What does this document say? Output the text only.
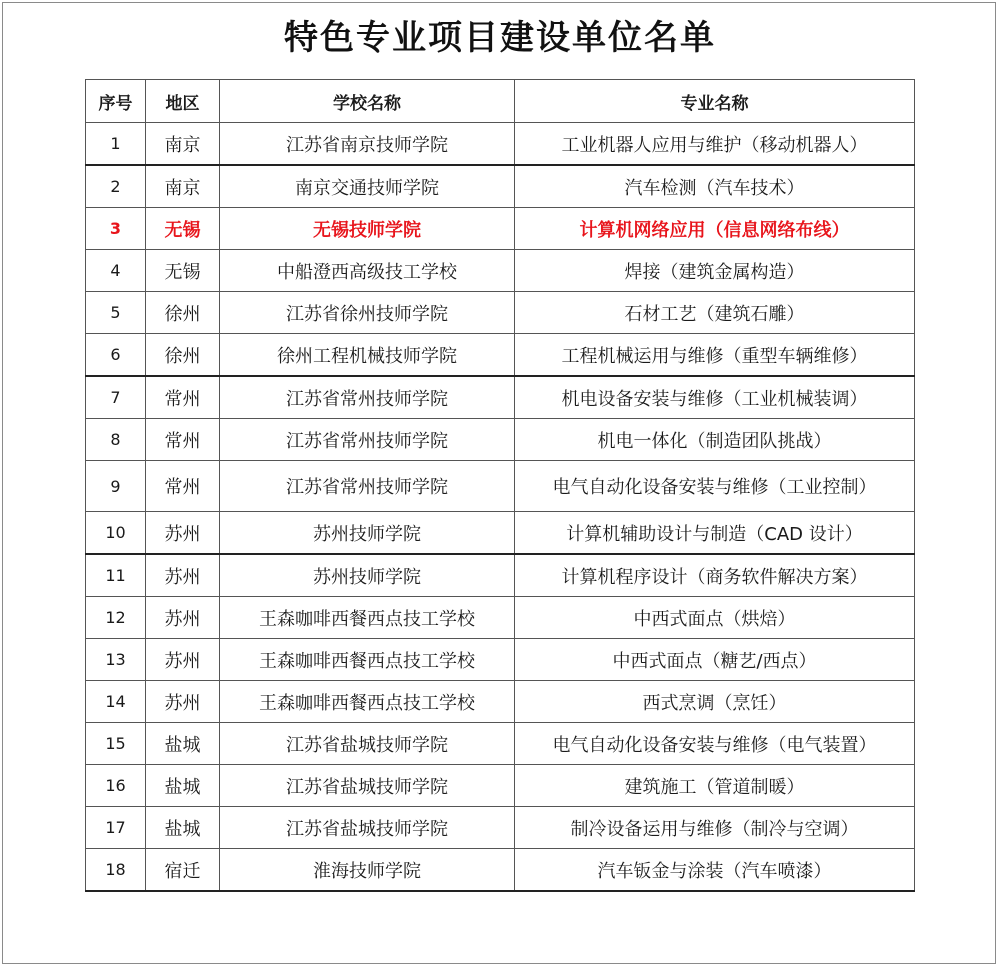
特色专业项目建设单位名单
序号	地区	学校名称	专业名称
1	南京	江苏省南京技师学院	工业机器人应用与维护（移动机器人）
2	南京	南京交通技师学院	汽车检测（汽车技术）
3	无锡	无锡技师学院	计算机网络应用（信息网络布线）
4	无锡	中船澄西高级技工学校	焊接（建筑金属构造）
5	徐州	江苏省徐州技师学院	石材工艺（建筑石雕）
6	徐州	徐州工程机械技师学院	工程机械运用与维修（重型车辆维修）
7	常州	江苏省常州技师学院	机电设备安装与维修（工业机械装调）
8	常州	江苏省常州技师学院	机电一体化（制造团队挑战）
9	常州	江苏省常州技师学院	电气自动化设备安装与维修（工业控制）
10	苏州	苏州技师学院	计算机辅助设计与制造（CAD 设计）
11	苏州	苏州技师学院	计算机程序设计（商务软件解决方案）
12	苏州	王森咖啡西餐西点技工学校	中西式面点（烘焙）
13	苏州	王森咖啡西餐西点技工学校	中西式面点（糖艺/西点）
14	苏州	王森咖啡西餐西点技工学校	西式烹调（烹饪）
15	盐城	江苏省盐城技师学院	电气自动化设备安装与维修（电气装置）
16	盐城	江苏省盐城技师学院	建筑施工（管道制暖）
17	盐城	江苏省盐城技师学院	制冷设备运用与维修（制冷与空调）
18	宿迁	淮海技师学院	汽车钣金与涂装（汽车喷漆）
